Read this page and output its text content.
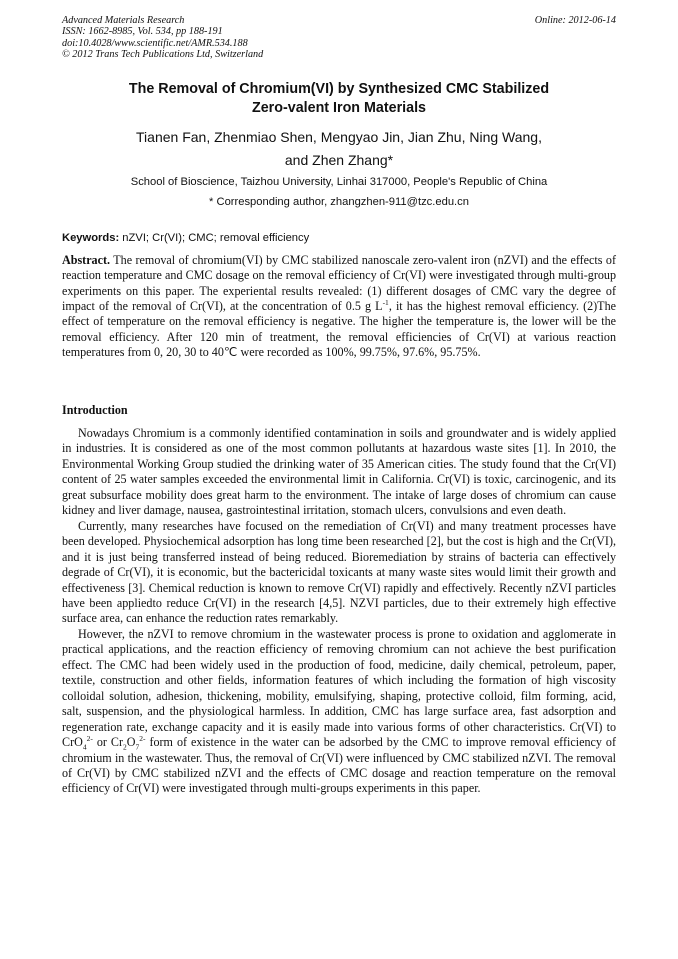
Advanced Materials Research
ISSN: 1662-8985, Vol. 534, pp 188-191
doi:10.4028/www.scientific.net/AMR.534.188
© 2012 Trans Tech Publications Ltd, Switzerland
Online: 2012-06-14
The Removal of Chromium(VI) by Synthesized CMC Stabilized
Zero-valent Iron Materials
Tianen Fan, Zhenmiao Shen, Mengyao Jin, Jian Zhu, Ning Wang,
and Zhen Zhang*
School of Bioscience, Taizhou University, Linhai 317000, People's Republic of China
* Corresponding author, zhangzhen-911@tzc.edu.cn
Keywords: nZVI; Cr(VI); CMC; removal efficiency

Abstract. The removal of chromium(VI) by CMC stabilized nanoscale zero-valent iron (nZVI) and the effects of reaction temperature and CMC dosage on the removal efficiency of Cr(VI) were investigated through multi-group experiments on this paper. The experiental results revealed: (1) different dosages of CMC vary the degree of impact of the removal of Cr(VI), at the concentration of 0.5 g $L^{-1}$, it has the highest removal efficiency. (2)The effect of temperature on the removal efficiency is negative. The higher the temperature is, the lower will be the removal efficiency. After 120 min of treatment, the removal efficiencies of Cr(VI) at various reaction temperatures from 0, 20, 30 to 40℃ were recorded as 100%, 99.75%, 97.6%, 95.75%.

Introduction

Nowadays Chromium is a commonly identified contamination in soils and groundwater and is widely applied in industries. It is considered as one of the most common pollutants at hazardous waste sites [1]. In 2010, the Environmental Working Group studied the drinking water of 35 American cities. The study found that the Cr(VI) content of 25 water samples exceeded the environmental limit in California. Cr(VI) is toxic, carcinogenic, and its great subsurface mobility does great harm to the environment. The intake of large doses of chromium can cause kidney and liver damage, nausea, gastrointestinal irritation, stomach ulcers, convulsions and even death.

Currently, many researches have focused on the remediation of Cr(VI) and many treatment processes have been developed. Physiochemical adsorption has long time been researched [2], but the cost is high and the Cr(VI), and it is just being transferred instead of being reduced. Bioremediation by strains of bacteria can effectively degrade of Cr(VI), it is economic, but the bactericidal toxicants at many waste sites would limit their growth and effectiveness [3]. Chemical reduction is known to remove Cr(VI) rapidly and effectively. Recently nZVI particles have been appliedto reduce Cr(VI) in the research [4,5]. NZVI particles, due to their extremely high effective surface area, can enhance the reduction rates remarkably.

However, the nZVI to remove chromium in the wastewater process is prone to oxidation and agglomerate in practical applications, and the reaction efficiency of removing chromium can not achieve the best purification effect. The CMC had been widely used in the production of food, medicine, daily chemical, petroleum, paper, textile, construction and other fields, information features of which including the formation of high viscosity colloidal solution, adhesion, thickening, mobility, emulsifying, shaping, protective colloid, film forming, acid, salt, suspension, and the physiological harmless. In addition, CMC has large surface area, fast adsorption and regeneration rate, exchange capacity and it is easily made into various forms of other characteristics. Cr(VI) to CrO$_4^{2-}$ or $Cr_2O_7^{2-}$ form of existence in the water can be adsorbed by the CMC to improve removal efficiency of chromium in the wastewater. Thus, the removal of Cr(VI) were influenced by CMC stabilized nZVI. The removal of Cr(VI) by CMC stabilized nZVI and the effects of CMC dosage and reaction temperature on the removal efficiency of Cr(VI) were investigated through multi-groups experiments in this paper.
